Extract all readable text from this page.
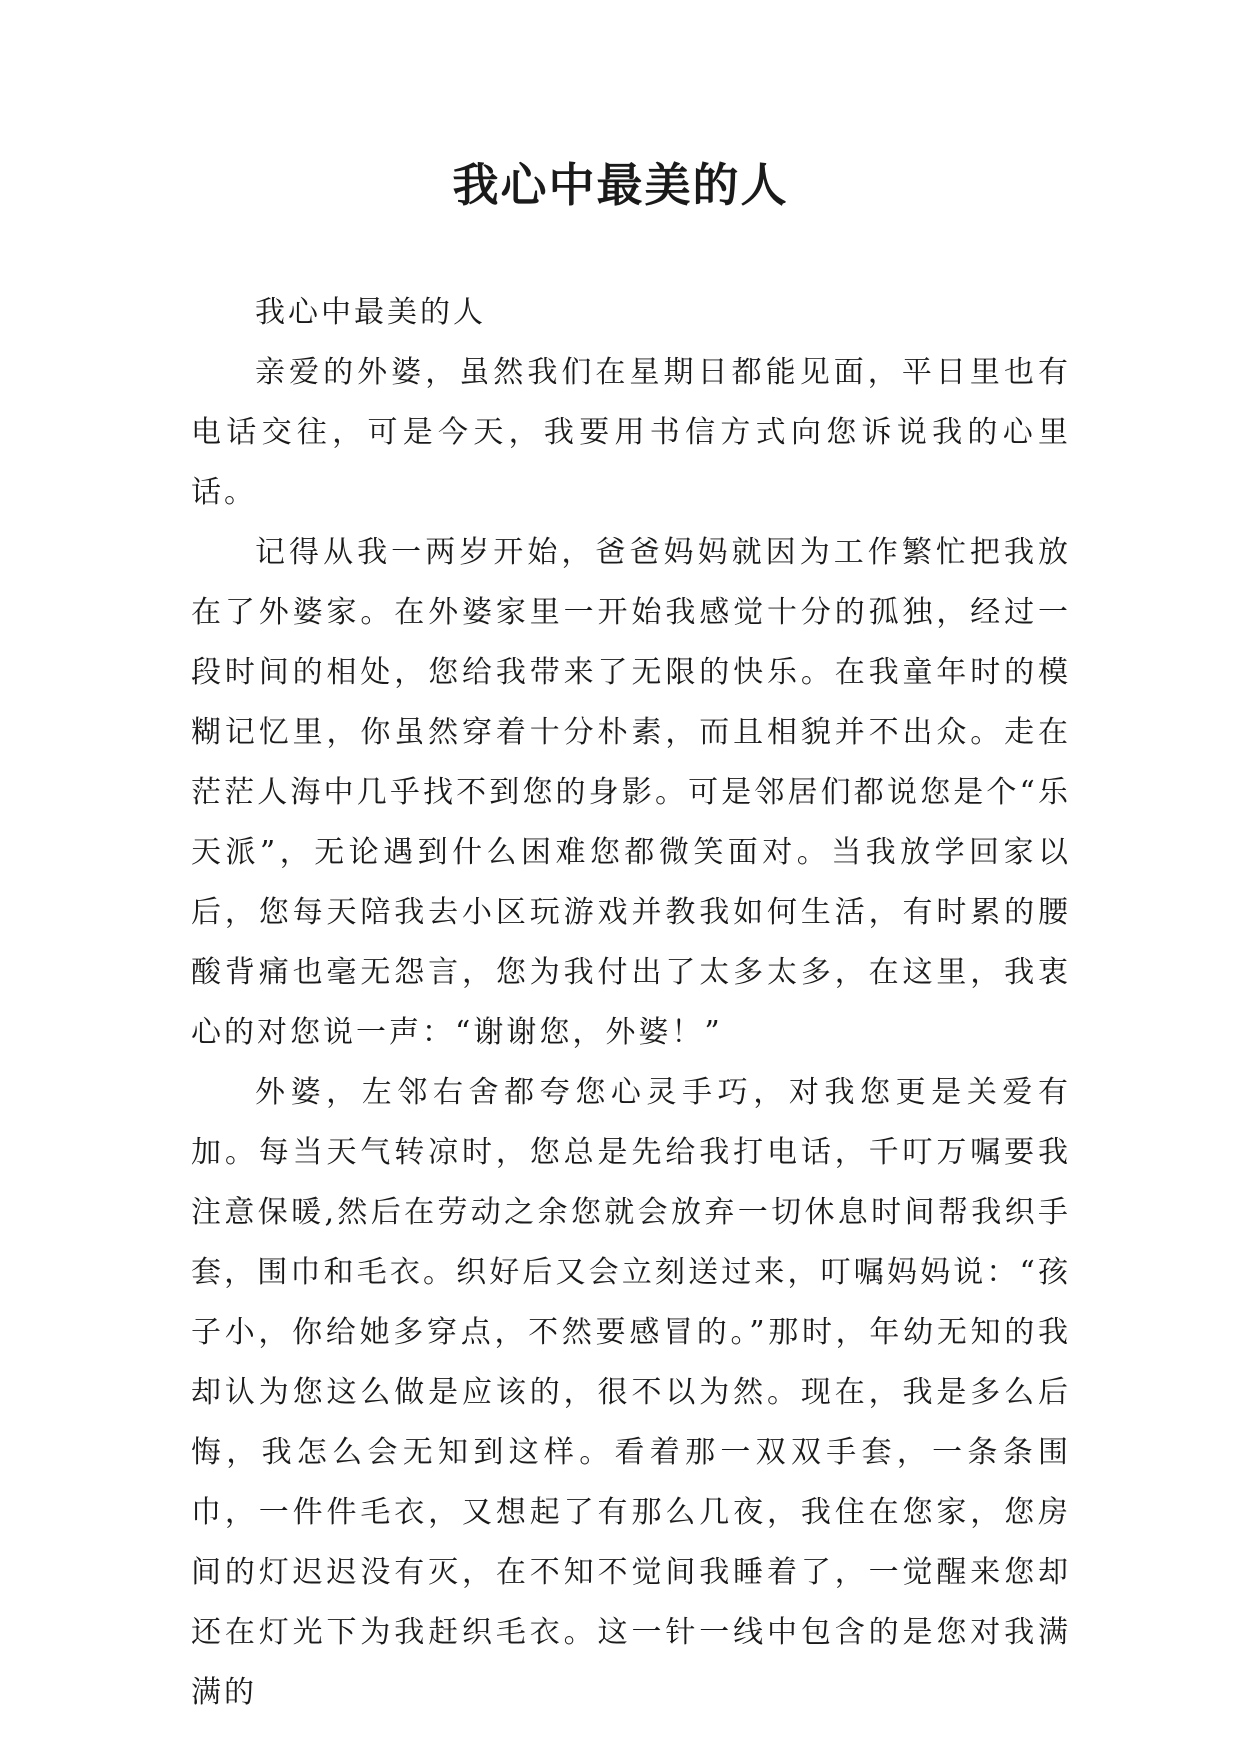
我心中最美的人

我心中最美的人

亲爱的外婆，虽然我们在星期日都能见面，平日里也有电话交往，可是今天，我要用书信方式向您诉说我的心里话。

记得从我一两岁开始，爸爸妈妈就因为工作繁忙把我放在了外婆家。在外婆家里一开始我感觉十分的孤独，经过一段时间的相处，您给我带来了无限的快乐。在我童年时的模糊记忆里，你虽然穿着十分朴素，而且相貌并不出众。走在茫茫人海中几乎找不到您的身影。可是邻居们都说您是个“乐天派”，无论遇到什么困难您都微笑面对。当我放学回家以后，您每天陪我去小区玩游戏并教我如何生活，有时累的腰酸背痛也毫无怨言，您为我付出了太多太多，在这里，我衷心的对您说一声：“谢谢您，外婆！”

外婆，左邻右舍都夸您心灵手巧，对我您更是关爱有加。每当天气转凉时，您总是先给我打电话，千叮万嘱要我注意保暖,然后在劳动之余您就会放弃一切休息时间帮我织手套，围巾和毛衣。织好后又会立刻送过来，叮嘱妈妈说：“孩子小，你给她多穿点，不然要感冒的。”那时，年幼无知的我却认为您这么做是应该的，很不以为然。现在，我是多么后悔，我怎么会无知到这样。看着那一双双手套，一条条围巾，一件件毛衣，又想起了有那么几夜，我住在您家，您房间的灯迟迟没有灭，在不知不觉间我睡着了，一觉醒来您却还在灯光下为我赶织毛衣。这一针一线中包含的是您对我满满的
